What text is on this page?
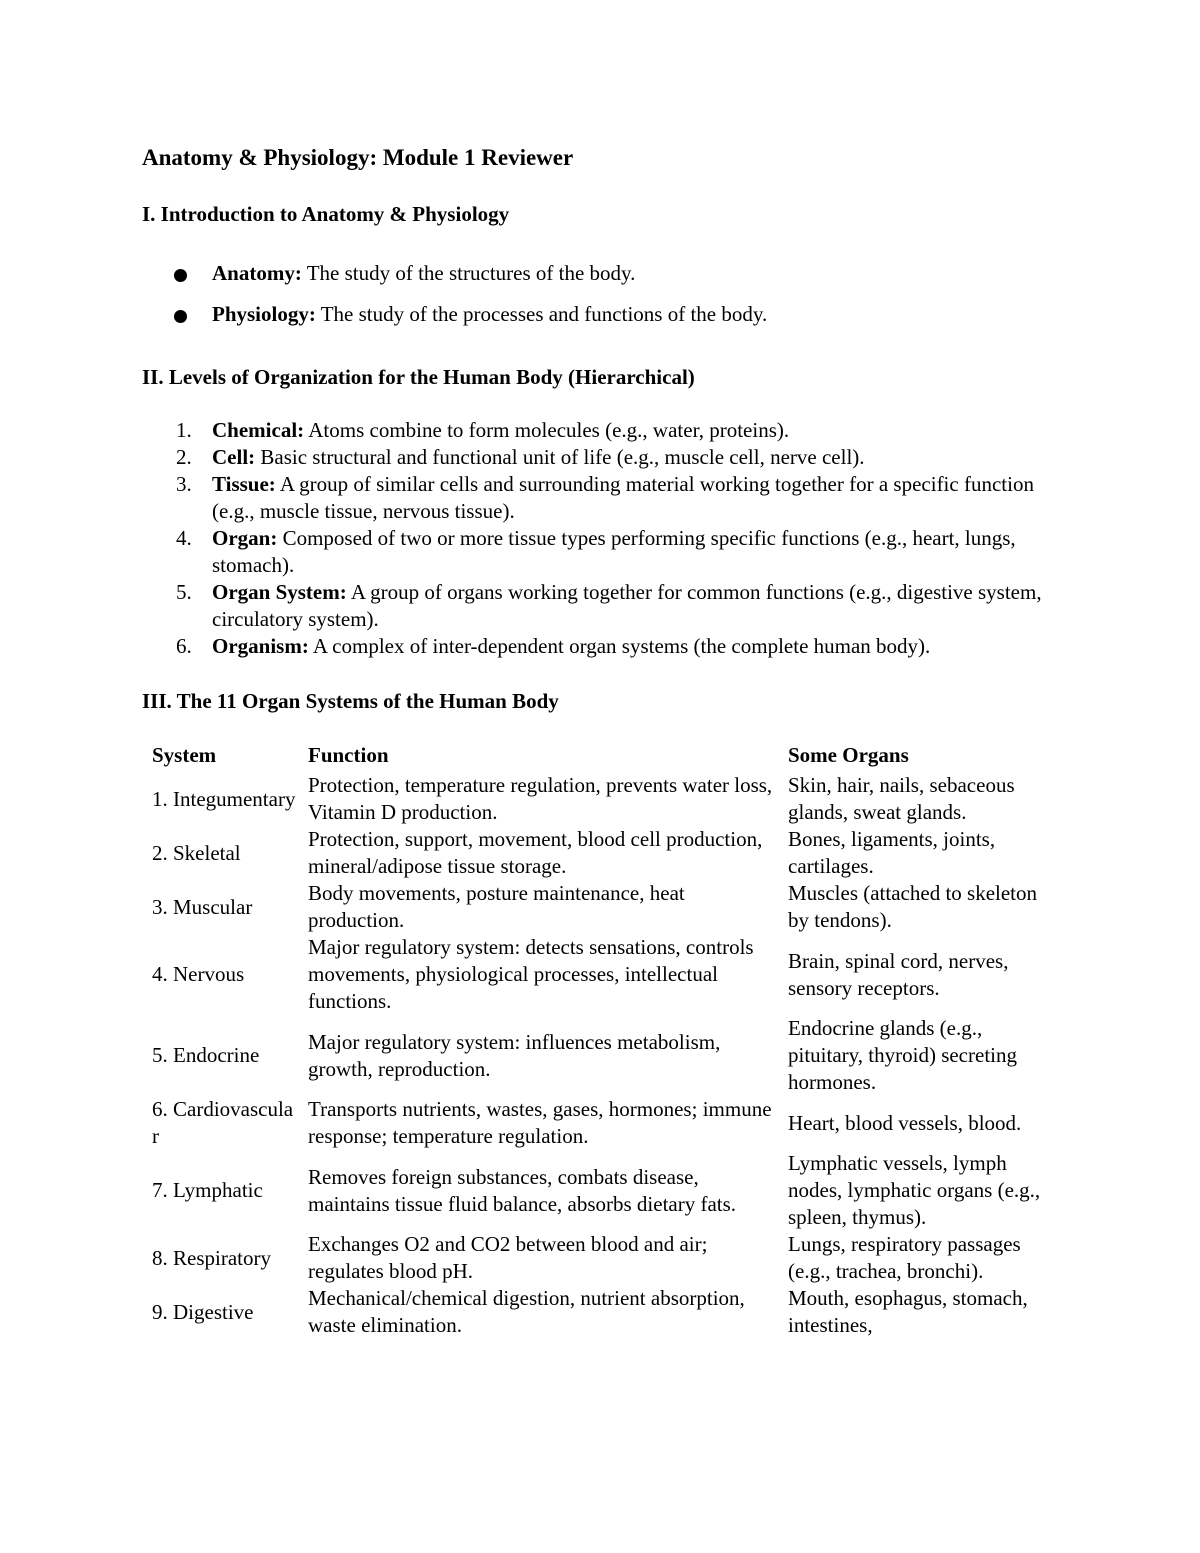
Anatomy & Physiology: Module 1 Reviewer
I. Introduction to Anatomy & Physiology
Anatomy: The study of the structures of the body.
Physiology: The study of the processes and functions of the body.
II. Levels of Organization for the Human Body (Hierarchical)
1. Chemical: Atoms combine to form molecules (e.g., water, proteins).
2. Cell: Basic structural and functional unit of life (e.g., muscle cell, nerve cell).
3. Tissue: A group of similar cells and surrounding material working together for a specific function (e.g., muscle tissue, nervous tissue).
4. Organ: Composed of two or more tissue types performing specific functions (e.g., heart, lungs, stomach).
5. Organ System: A group of organs working together for common functions (e.g., digestive system, circulatory system).
6. Organism: A complex of inter-dependent organ systems (the complete human body).
III. The 11 Organ Systems of the Human Body
System	Function	Some Organs
1. Integumentary	Protection, temperature regulation, prevents water loss, Vitamin D production.	Skin, hair, nails, sebaceous glands, sweat glands.
2. Skeletal	Protection, support, movement, blood cell production, mineral/adipose tissue storage.	Bones, ligaments, joints, cartilages.
3. Muscular	Body movements, posture maintenance, heat production.	Muscles (attached to skeleton by tendons).
4. Nervous	Major regulatory system: detects sensations, controls movements, physiological processes, intellectual functions.	Brain, spinal cord, nerves, sensory receptors.
5. Endocrine	Major regulatory system: influences metabolism, growth, reproduction.	Endocrine glands (e.g., pituitary, thyroid) secreting hormones.
6. Cardiovascular	Transports nutrients, wastes, gases, hormones; immune response; temperature regulation.	Heart, blood vessels, blood.
7. Lymphatic	Removes foreign substances, combats disease, maintains tissue fluid balance, absorbs dietary fats.	Lymphatic vessels, lymph nodes, lymphatic organs (e.g., spleen, thymus).
8. Respiratory	Exchanges O2 and CO2 between blood and air; regulates blood pH.	Lungs, respiratory passages (e.g., trachea, bronchi).
9. Digestive	Mechanical/chemical digestion, nutrient absorption, waste elimination.	Mouth, esophagus, stomach, intestines,
